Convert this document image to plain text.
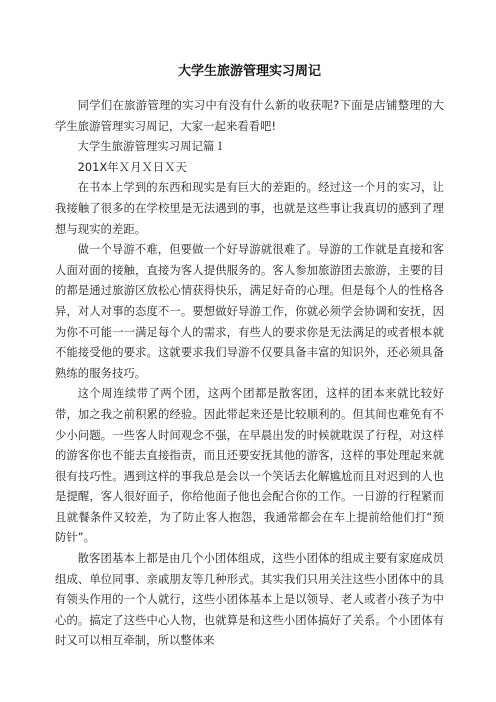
大学生旅游管理实习周记

同学们在旅游管理的实习中有没有什么新的收获呢?下面是店铺整理的大学生旅游管理实习周记，大家一起来看看吧!

大学生旅游管理实习周记篇１

201X年Ｘ月Ｘ日Ｘ天

在书本上学到的东西和现实是有巨大的差距的。经过这一个月的实习，让我接触了很多的在学校里是无法遇到的事，也就是这些事让我真切的感到了理想与现实的差距。

做一个导游不难，但要做一个好导游就很难了。导游的工作就是直接和客人面对面的接触，直接为客人提供服务的。客人参加旅游团去旅游，主要的目的都是通过旅游区放松心情获得快乐，满足好奇的心理。但是每个人的性格各异，对人对事的态度不一。要想做好导游工作，你就必须学会协调和安抚，因为你不可能一一满足每个人的需求，有些人的要求你是无法满足的或者根本就不能接受他的要求。这就要求我们导游不仅要具备丰富的知识外，还必须具备熟练的服务技巧。

这个周连续带了两个团，这两个团都是散客团，这样的团本来就比较好带，加之我之前积累的经验。因此带起来还是比较顺利的。但其间也难免有不少小问题。一些客人时间观念不强，在早晨出发的时候就耽误了行程，对这样的游客你也不能去直接指责，而且还要安抚其他的游客，这样的事处理起来就很有技巧性。遇到这样的事我总是会以一个笑话去化解尴尬而且对迟到的人也是提醒，客人很好面子，你给他面子他也会配合你的工作。一日游的行程紧而且就餐条件又较差，为了防止客人抱怨，我通常都会在车上提前给他们打“预防针”。

散客团基本上都是由几个小团体组成，这些小团体的组成主要有家庭成员组成、单位同事、亲戚朋友等几种形式。其实我们只用关注这些小团体中的具有领头作用的一个人就行，这些小团体基本上是以领导、老人或者小孩子为中心的。搞定了这些中心人物，也就算是和这些小团体搞好了关系。个小团体有时又可以相互牵制，所以整体来
